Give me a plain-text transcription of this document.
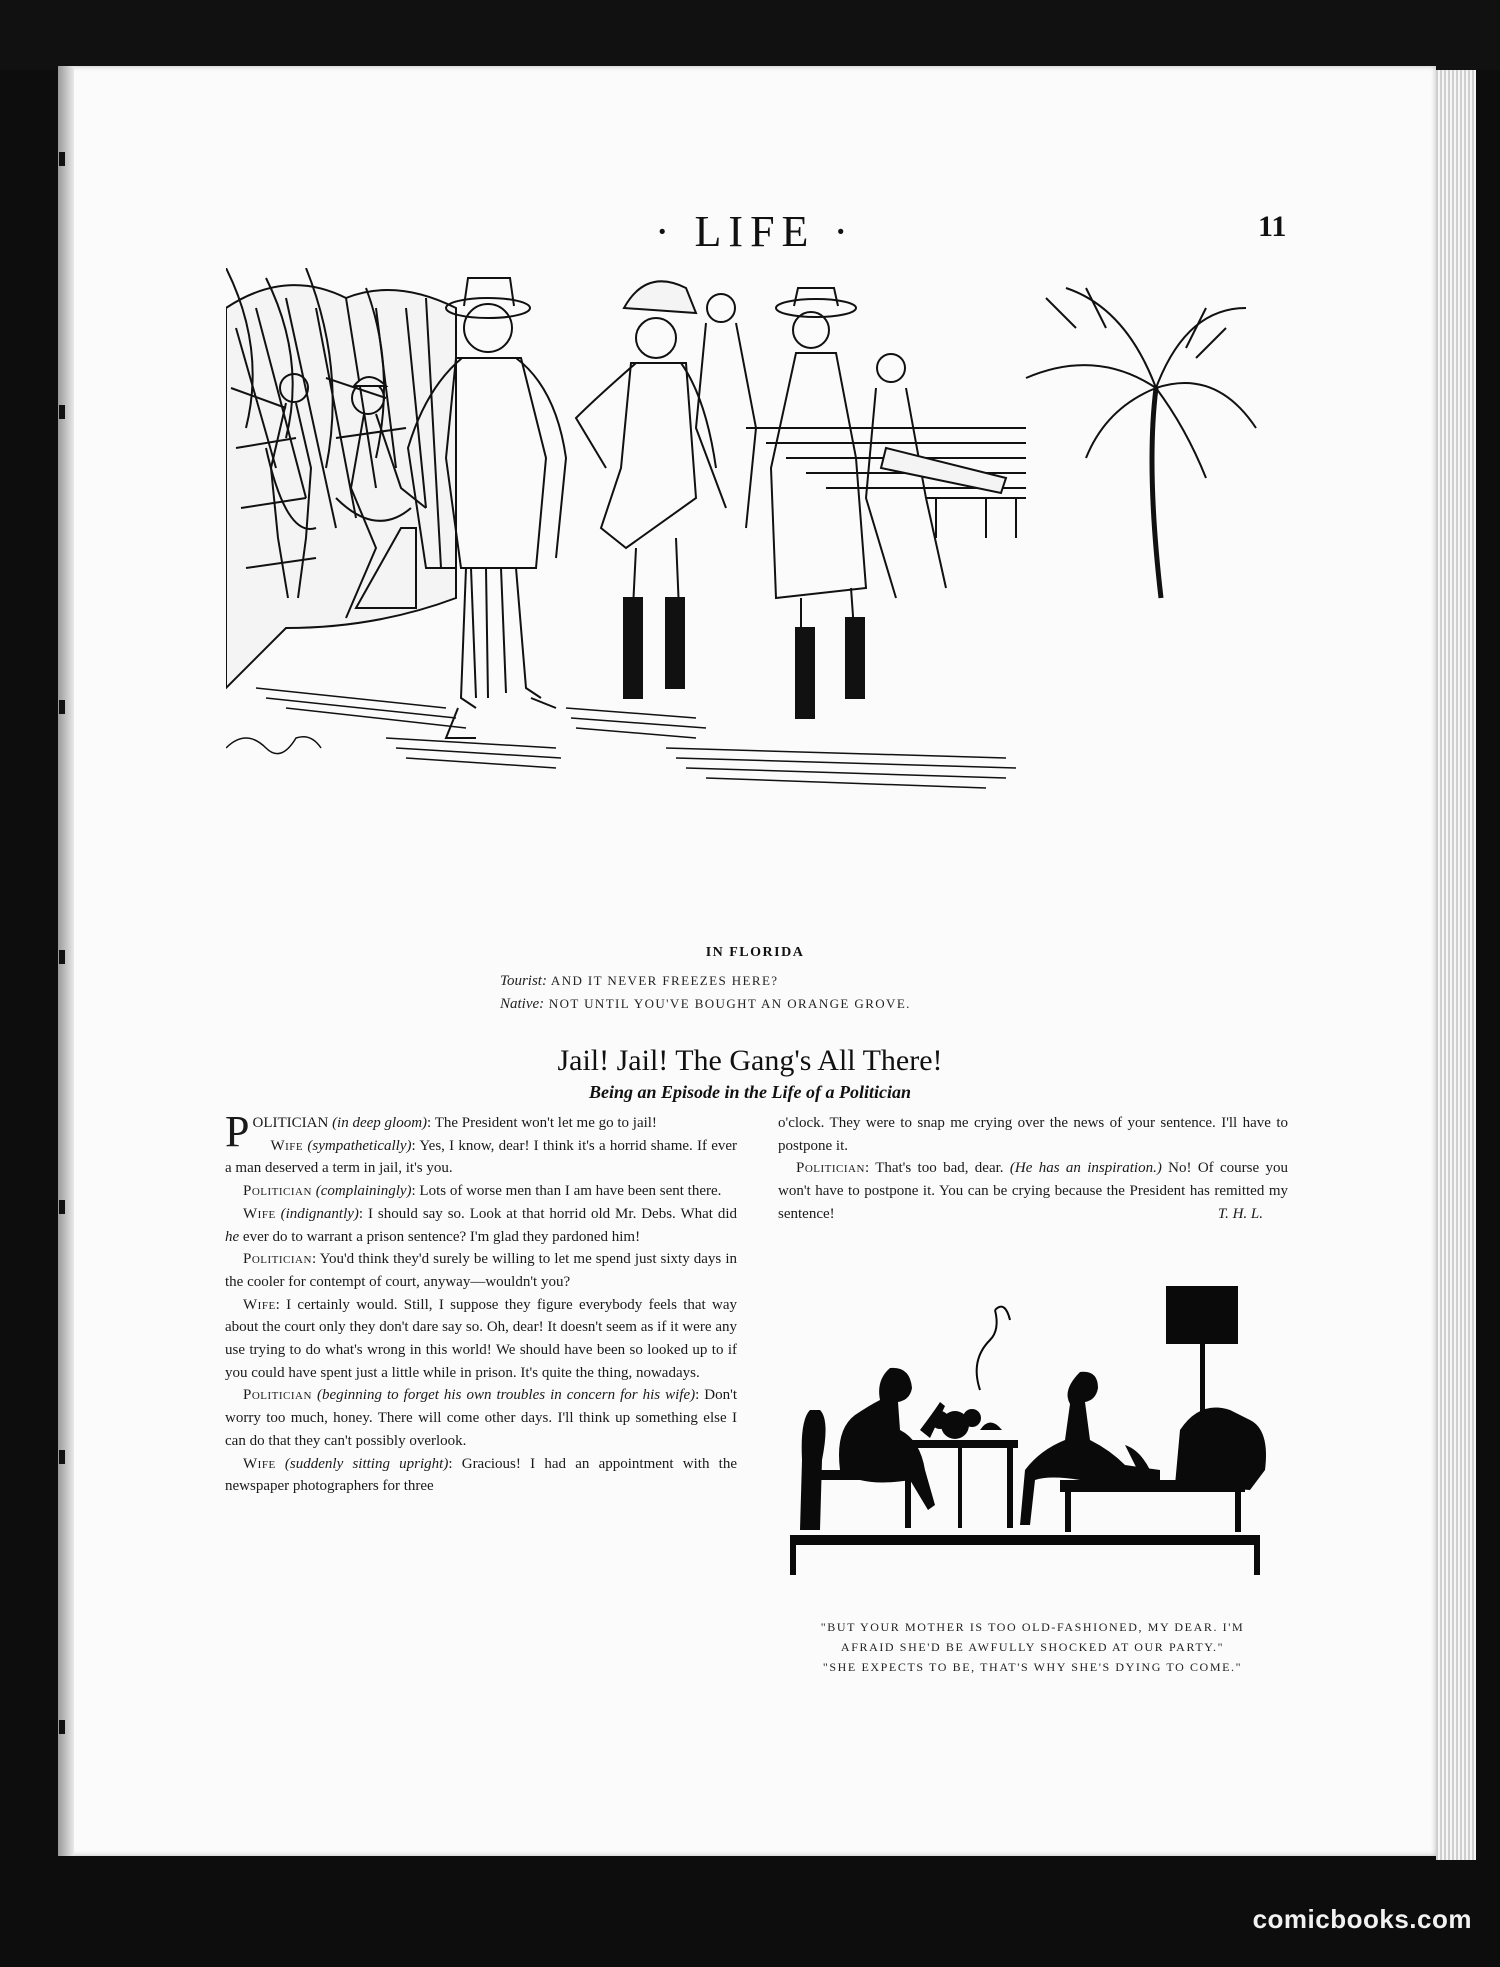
· LIFE ·	11
IN FLORIDA
Tourist: AND IT NEVER FREEZES HERE?
Native: NOT UNTIL YOU'VE BOUGHT AN ORANGE GROVE.
Jail! Jail! The Gang's All There!
Being an Episode in the Life of a Politician

POLITICIAN (in deep gloom): The President won't let me go to jail!

Wife (sympathetically): Yes, I know, dear! I think it's a horrid shame. If ever a man deserved a term in jail, it's you.

Politician (complainingly): Lots of worse men than I am have been sent there.

Wife (indignantly): I should say so. Look at that horrid old Mr. Debs. What did he ever do to warrant a prison sentence? I'm glad they pardoned him!

Politician: You'd think they'd surely be willing to let me spend just sixty days in the cooler for contempt of court, anyway—wouldn't you?

Wife: I certainly would. Still, I suppose they figure everybody feels that way about the court only they don't dare say so. Oh, dear! It doesn't seem as if it were any use trying to do what's wrong in this world! We should have been so looked up to if you could have spent just a little while in prison. It's quite the thing, nowadays.

Politician (beginning to forget his own troubles in concern for his wife): Don't worry too much, honey. There will come other days. I'll think up something else I can do that they can't possibly overlook.

Wife (suddenly sitting upright): Gracious! I had an appointment with the newspaper photographers for three

o'clock. They were to snap me crying over the news of your sentence. I'll have to postpone it.

Politician: That's too bad, dear. (He has an inspiration.) No! Of course you won't have to postpone it. You can be crying because the President has remitted my sentence!	T. H. L.
"BUT YOUR MOTHER IS TOO OLD-FASHIONED, MY DEAR. I'M
AFRAID SHE'D BE AWFULLY SHOCKED AT OUR PARTY."
"SHE EXPECTS TO BE, THAT'S WHY SHE'S DYING TO COME."
comicbooks.com
